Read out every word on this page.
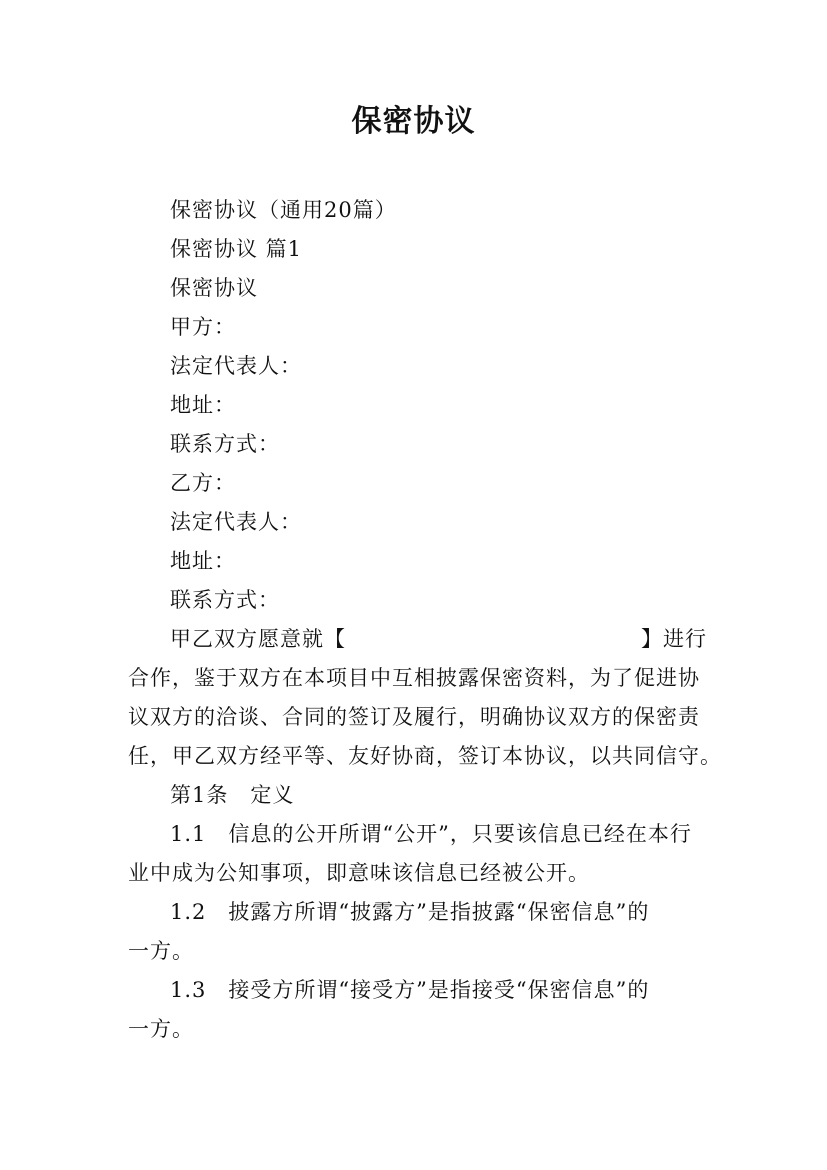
保密协议
保密协议（通用20篇）
保密协议 篇1
保密协议
甲方：
法定代表人：
地址：
联系方式：
乙方：
法定代表人：
地址：
联系方式：
甲乙双方愿意就【	】进行
合作，鉴于双方在本项目中互相披露保密资料，为了促进协
议双方的洽谈、合同的签订及履行，明确协议双方的保密责
任，甲乙双方经平等、友好协商，签订本协议，以共同信守。
第1条　定义
1.1　信息的公开所谓“公开”，只要该信息已经在本行
业中成为公知事项，即意味该信息已经被公开。
1.2　披露方所谓“披露方”是指披露“保密信息”的
一方。
1.3　接受方所谓“接受方”是指接受“保密信息”的
一方。
